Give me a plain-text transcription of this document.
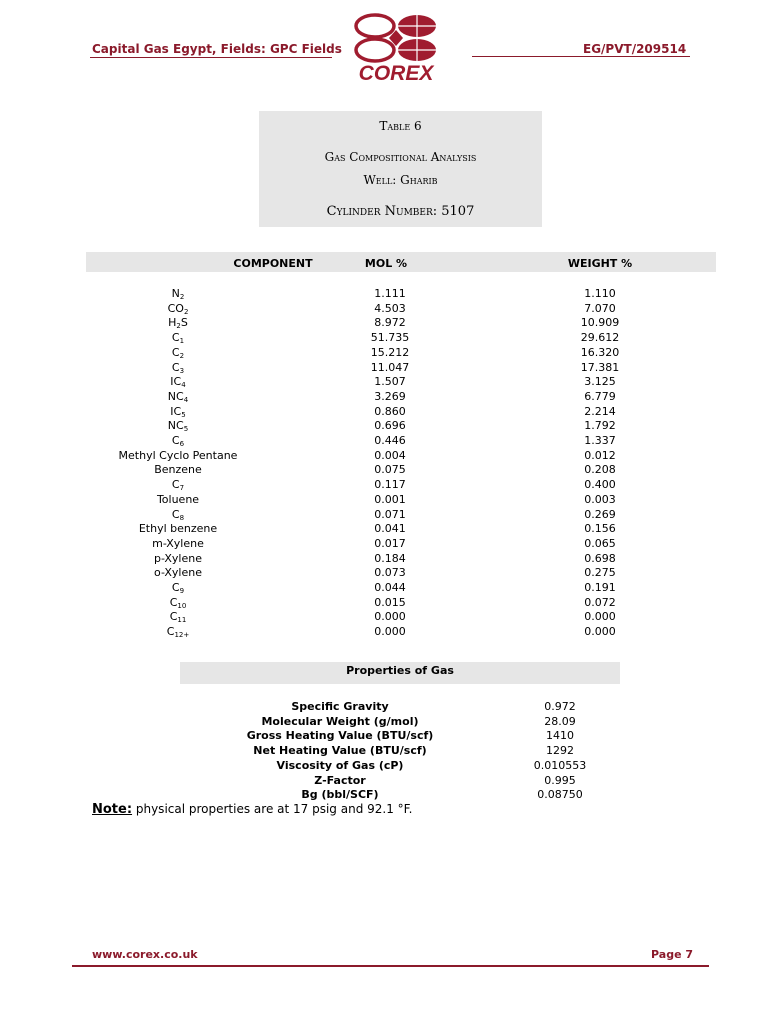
Capital Gas Egypt, Fields: GPC Fields	EG/PVT/209514
COREX
Table 6
Gas Compositional Analysis
Well: Gharib
Cylinder Number: 5107
COMPONENT	MOL %	WEIGHT %
$N_2$	1.111	1.110
$CO_2$	4.503	7.070
$H_2S$	8.972	10.909
$C_1$	51.735	29.612
$C_2$	15.212	16.320
$C_3$	11.047	17.381
$IC_4$	1.507	3.125
$NC_4$	3.269	6.779
$IC_5$	0.860	2.214
$NC_5$	0.696	1.792
$C_6$	0.446	1.337
Methyl Cyclo Pentane	0.004	0.012
Benzene	0.075	0.208
$C_7$	0.117	0.400
Toluene	0.001	0.003
$C_8$	0.071	0.269
Ethyl benzene	0.041	0.156
m-Xylene	0.017	0.065
p-Xylene	0.184	0.698
o-Xylene	0.073	0.275
$C_9$	0.044	0.191
$C_{10}$	0.015	0.072
$C_{11}$	0.000	0.000
$C_{12+}$	0.000	0.000
Properties of Gas
Specific Gravity	0.972
Molecular Weight (g/mol)	28.09
Gross Heating Value (BTU/scf)	1410
Net Heating Value (BTU/scf)	1292
Viscosity of Gas (cP)	0.010553
Z-Factor	0.995
Bg (bbl/SCF)	0.08750
Note: physical properties are at 17 psig and 92.1 °F.
www.corex.co.uk	Page 7
